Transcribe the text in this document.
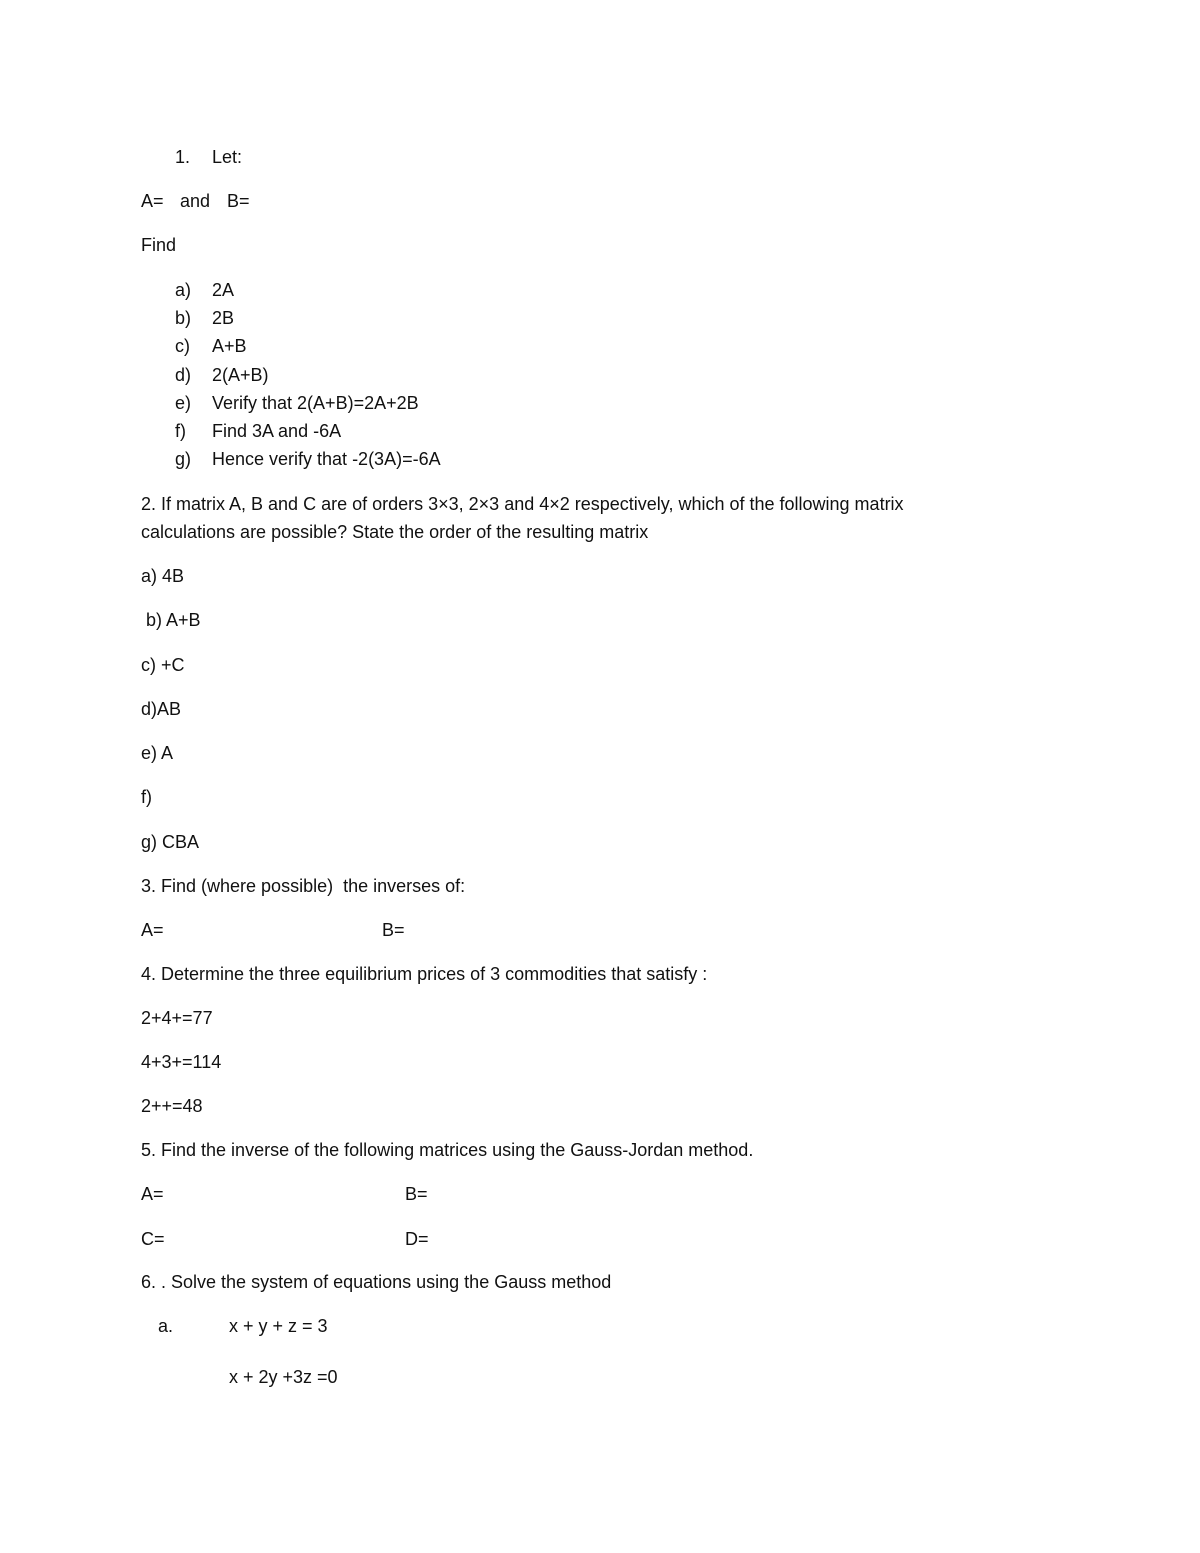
1. Let:
A= and B=
Find
a) 2A
b) 2B
c) A+B
d) 2(A+B)
e) Verify that 2(A+B)=2A+2B
f) Find 3A and -6A
g) Hence verify that -2(3A)=-6A
2. If matrix A, B and C are of orders 3×3, 2×3 and 4×2 respectively, which of the following matrix
calculations are possible? State the order of the resulting matrix
a) 4B
b) A+B
c) +C
d)AB
e) A
f)
g) CBA
3. Find (where possible)  the inverses of:
A=	B=
4. Determine the three equilibrium prices of 3 commodities that satisfy :
2+4+=77
4+3+=114
2++=48
5. Find the inverse of the following matrices using the Gauss-Jordan method.
A=	B=
C=	D=
6. . Solve the system of equations using the Gauss method
a.	x + y + z = 3
x + 2y +3z =0
